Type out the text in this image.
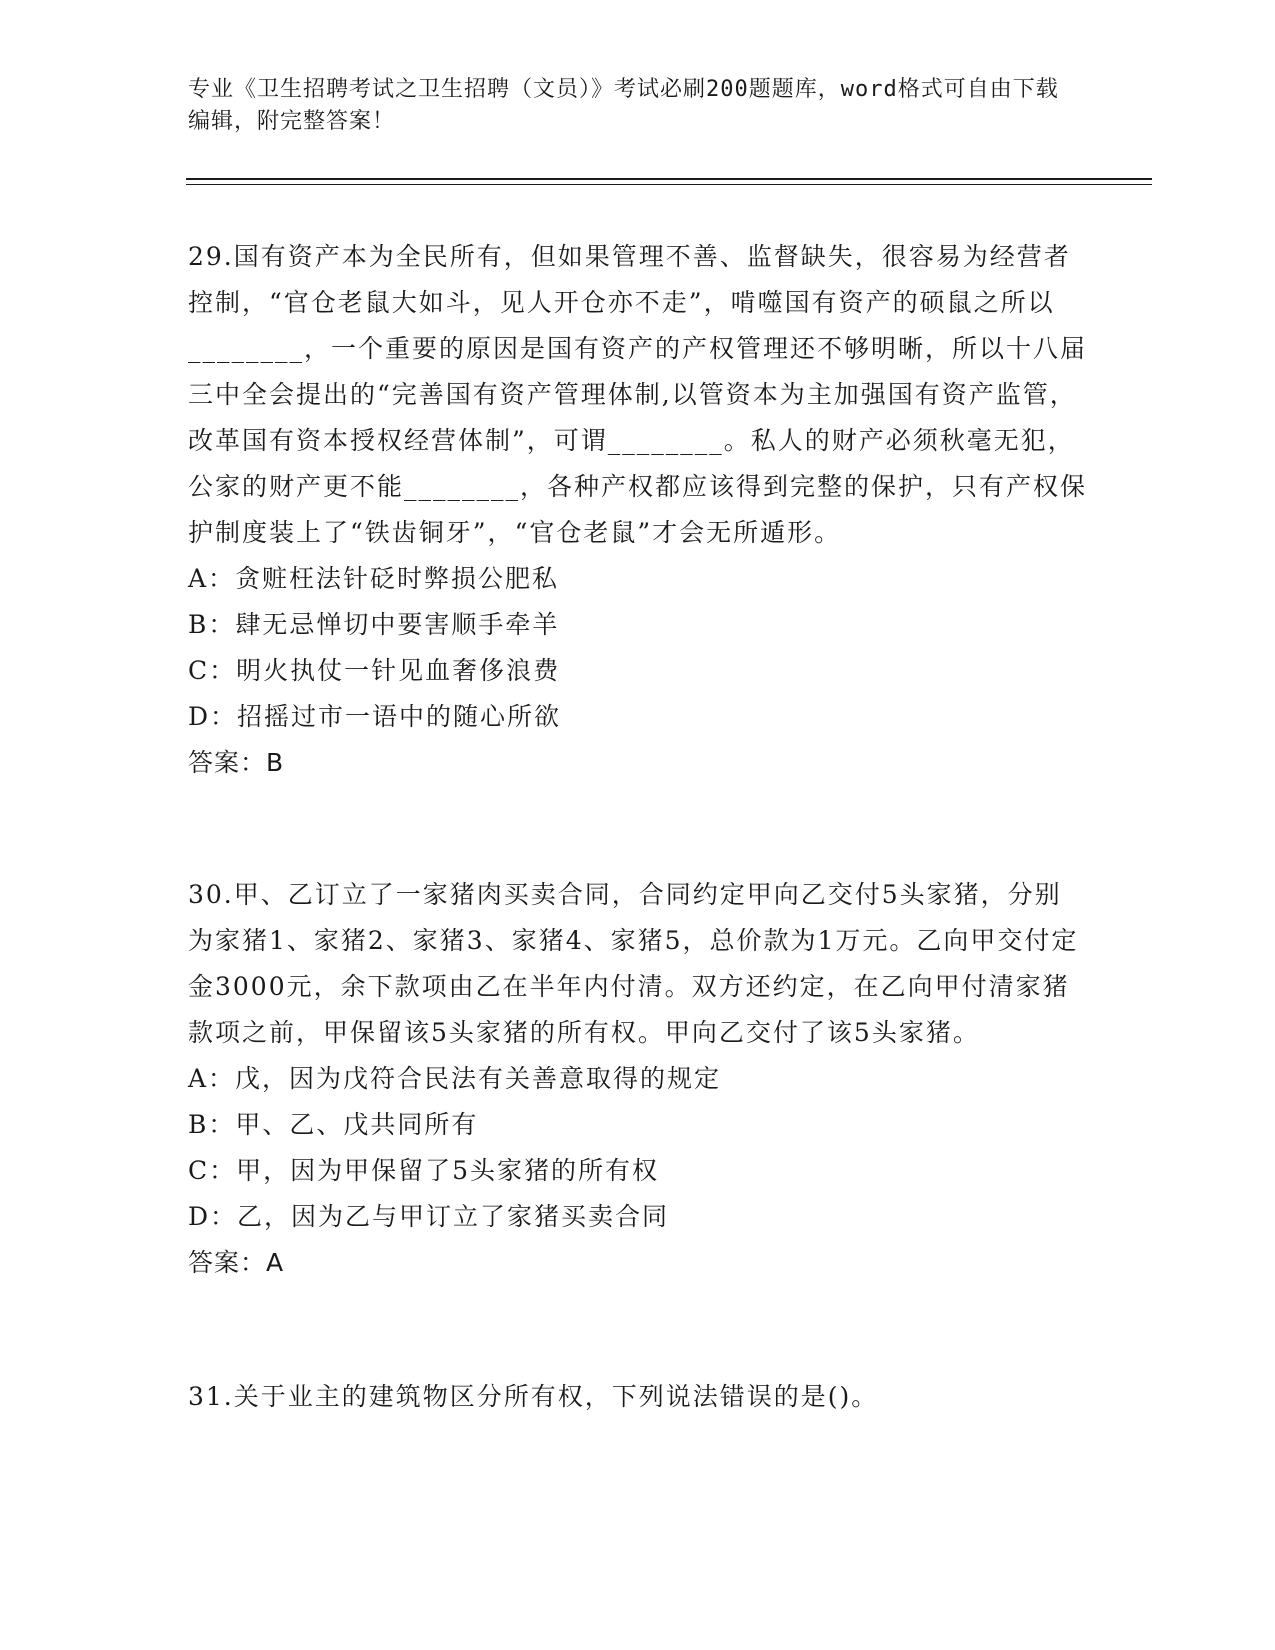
专业《卫生招聘考试之卫生招聘（文员）》考试必刷200题题库，word格式可自由下载编辑，附完整答案！
29.国有资产本为全民所有，但如果管理不善、监督缺失，很容易为经营者控制，“官仓老鼠大如斗，见人开仓亦不走”，啃噬国有资产的硕鼠之所以________，一个重要的原因是国有资产的产权管理还不够明晰，所以十八届三中全会提出的“完善国有资产管理体制,以管资本为主加强国有资产监管，改革国有资本授权经营体制”，可谓________。私人的财产必须秋毫无犯，公家的财产更不能________，各种产权都应该得到完整的保护，只有产权保护制度装上了“铁齿铜牙”，“官仓老鼠”才会无所遁形。
A：贪赃枉法针砭时弊损公肥私
B：肆无忌惮切中要害顺手牵羊
C：明火执仗一针见血奢侈浪费
D：招摇过市一语中的随心所欲
答案：B
30.甲、乙订立了一家猪肉买卖合同，合同约定甲向乙交付5头家猪，分别为家猪1、家猪2、家猪3、家猪4、家猪5，总价款为1万元。乙向甲交付定金3000元，余下款项由乙在半年内付清。双方还约定，在乙向甲付清家猪款项之前，甲保留该5头家猪的所有权。甲向乙交付了该5头家猪。
A：戊，因为戊符合民法有关善意取得的规定
B：甲、乙、戊共同所有
C：甲，因为甲保留了5头家猪的所有权
D：乙，因为乙与甲订立了家猪买卖合同
答案：A
31.关于业主的建筑物区分所有权，下列说法错误的是()。
